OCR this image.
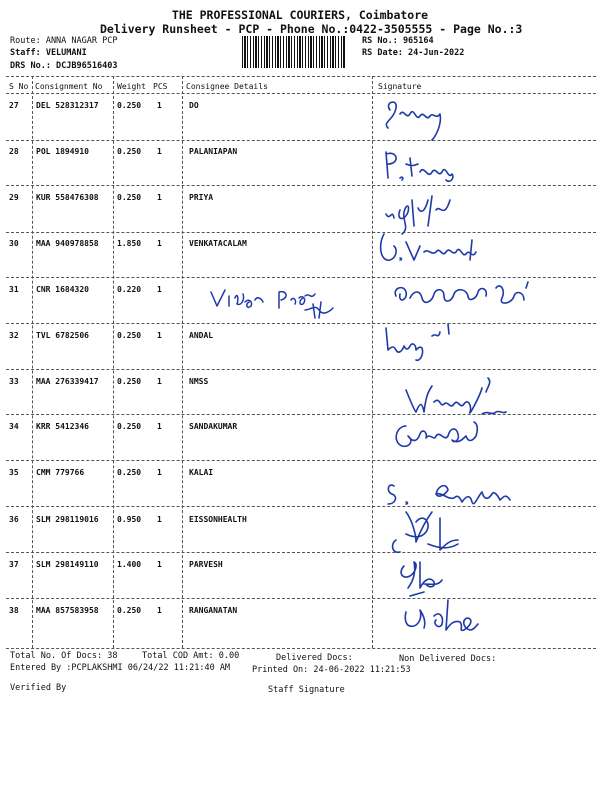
THE PROFESSIONAL COURIERS, Coimbatore
Delivery Runsheet - PCP - Phone No.:0422-3505555 - Page No.:3
Route: ANNA NAGAR PCP
Staff: VELUMANI
DRS No.: DCJB96516403
RS No.: 965164
RS Date: 24-Jun-2022
S No Consignment No Weight PCS Consignee Details	Signature
27 DEL 528312317 0.250 1	DO
28 POL 1894910	0.250 1	PALANIAPAN
29 KUR 558476308 0.250 1	PRIYA
30 MAA 940978858 1.850 1	VENKATACALAM
31 CNR 1684320	0.220 1
32 TVL 6782506	0.250 1	ANDAL
33 MAA 276339417 0.250 1	NMSS
34 KRR 5412346	0.250 1	SANDAKUMAR
35 CMM 779766	0.250 1	KALAI
36 SLM 298119016 0.950 1	EISSONHEALTH
37 SLM 298149110 1.400 1	PARVESH
38 MAA 857583958 0.250 1	RANGANATAN
Total No. Of Docs: 38	Total COD Amt: 0.00	Delivered Docs:	Non Delivered Docs:
Entered By :PCPLAKSHMI 06/24/22 11:21:40 AM	Printed On: 24-06-2022 11:21:53
Verified By	Staff Signature
